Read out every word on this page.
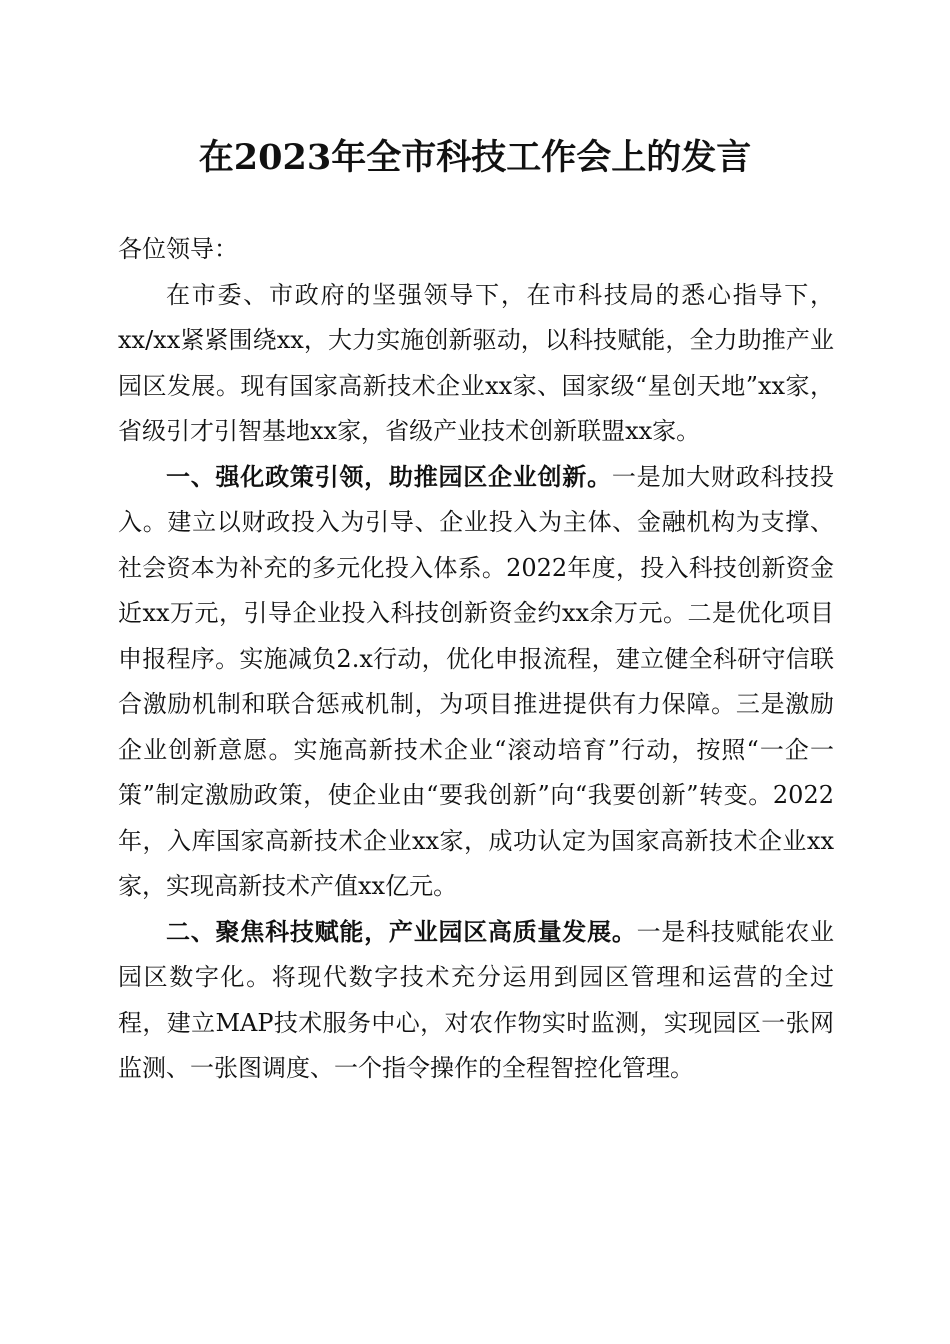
在2023年全市科技工作会上的发言

各位领导：

在市委、市政府的坚强领导下，在市科技局的悉心指导下，xx/xx紧紧围绕xx，大力实施创新驱动，以科技赋能，全力助推产业园区发展。现有国家高新技术企业xx家、国家级“星创天地”xx家，省级引才引智基地xx家，省级产业技术创新联盟xx家。

一、强化政策引领，助推园区企业创新。一是加大财政科技投入。建立以财政投入为引导、企业投入为主体、金融机构为支撑、社会资本为补充的多元化投入体系。2022年度，投入科技创新资金近xx万元，引导企业投入科技创新资金约xx余万元。二是优化项目申报程序。实施减负2.x行动，优化申报流程，建立健全科研守信联合激励机制和联合惩戒机制，为项目推进提供有力保障。三是激励企业创新意愿。实施高新技术企业“滚动培育”行动，按照“一企一策”制定激励政策，使企业由“要我创新”向“我要创新”转变。2022年，入库国家高新技术企业xx家，成功认定为国家高新技术企业xx家，实现高新技术产值xx亿元。

二、聚焦科技赋能，产业园区高质量发展。一是科技赋能农业园区数字化。将现代数字技术充分运用到园区管理和运营的全过程，建立MAP技术服务中心，对农作物实时监测，实现园区一张网监测、一张图调度、一个指令操作的全程智控化管理。
